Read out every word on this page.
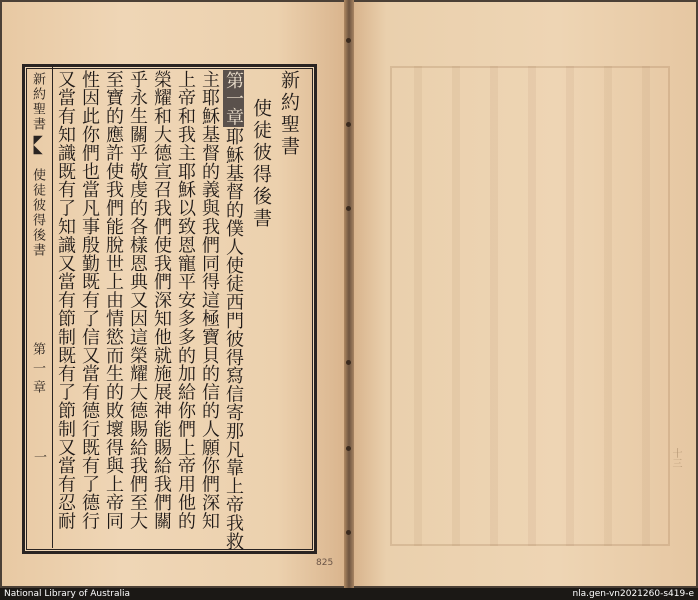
十三
新約聖書
◣◢
使徒彼得後書
第一章
一
新約聖書
使徒彼得後書
第一章耶穌基督的僕人使徒西門彼得寫信寄那凡靠上帝我救
主耶穌基督的義與我們同得這極寶貝的信的人願你們深知
上帝和我主耶穌以致恩寵平安多多的加給你們上帝用他的
榮耀和大德宣召我們使我們深知他就施展神能賜給我們關
乎永生關乎敬虔的各樣恩典又因這榮耀大德賜給我們至大
至寶的應許使我們能脫世上由情慾而生的敗壞得與上帝同
性因此你們也當凡事殷勤既有了信又當有德行既有了德行
又當有知識既有了知識又當有節制既有了節制又當有忍耐
825
National Library of Australia	nla.gen-vn2021260-s419-e
